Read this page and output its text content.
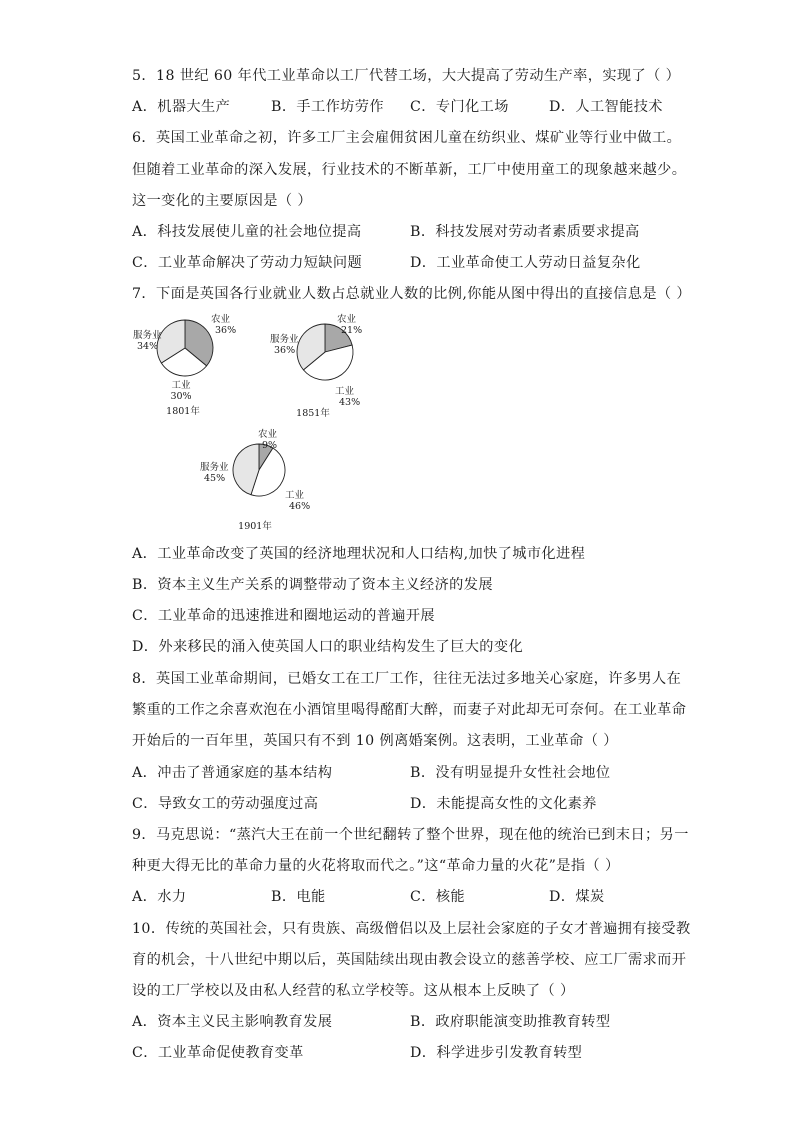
5．18 世纪 60 年代工业革命以工厂代替工场，大大提高了劳动生产率，实现了（ ）
A．机器大生产	B．手工作坊劳作 C．专门化工场	D．人工智能技术
6．英国工业革命之初，许多工厂主会雇佣贫困儿童在纺织业、煤矿业等行业中做工。
但随着工业革命的深入发展，行业技术的不断革新，工厂中使用童工的现象越来越少。
这一变化的主要原因是（ ）
A．科技发展使儿童的社会地位提高	B．科技发展对劳动者素质要求提高
C．工业革命解决了劳动力短缺问题	D．工业革命使工人劳动日益复杂化
7．下面是英国各行业就业人数占总就业人数的比例,你能从图中得出的直接信息是（ ）
农业
36%
工业
30%
服务业
34%
1801年
农业
21%
工业
43%
服务业
36%
1851年
农业
9%
工业
46%
服务业
45%
1901年
A．工业革命改变了英国的经济地理状况和人口结构,加快了城市化进程
B．资本主义生产关系的调整带动了资本主义经济的发展
C．工业革命的迅速推进和圈地运动的普遍开展
D．外来移民的涌入使英国人口的职业结构发生了巨大的变化
8．英国工业革命期间，已婚女工在工厂工作，往往无法过多地关心家庭，许多男人在
繁重的工作之余喜欢泡在小酒馆里喝得酩酊大醉，而妻子对此却无可奈何。在工业革命
开始后的一百年里，英国只有不到 10 例离婚案例。这表明，工业革命（ ）
A．冲击了普通家庭的基本结构	B．没有明显提升女性社会地位
C．导致女工的劳动强度过高	D．未能提高女性的文化素养
9．马克思说：“蒸汽大王在前一个世纪翻转了整个世界，现在他的统治已到末日；另一
种更大得无比的革命力量的火花将取而代之。”这“革命力量的火花”是指（ ）
A．水力	B．电能	C．核能	D．煤炭
10．传统的英国社会，只有贵族、高级僧侣以及上层社会家庭的子女才普遍拥有接受教
育的机会，十八世纪中期以后，英国陆续出现由教会设立的慈善学校、应工厂需求而开
设的工厂学校以及由私人经营的私立学校等。这从根本上反映了（ ）
A．资本主义民主影响教育发展	B．政府职能演变助推教育转型
C．工业革命促使教育变革	D．科学进步引发教育转型
